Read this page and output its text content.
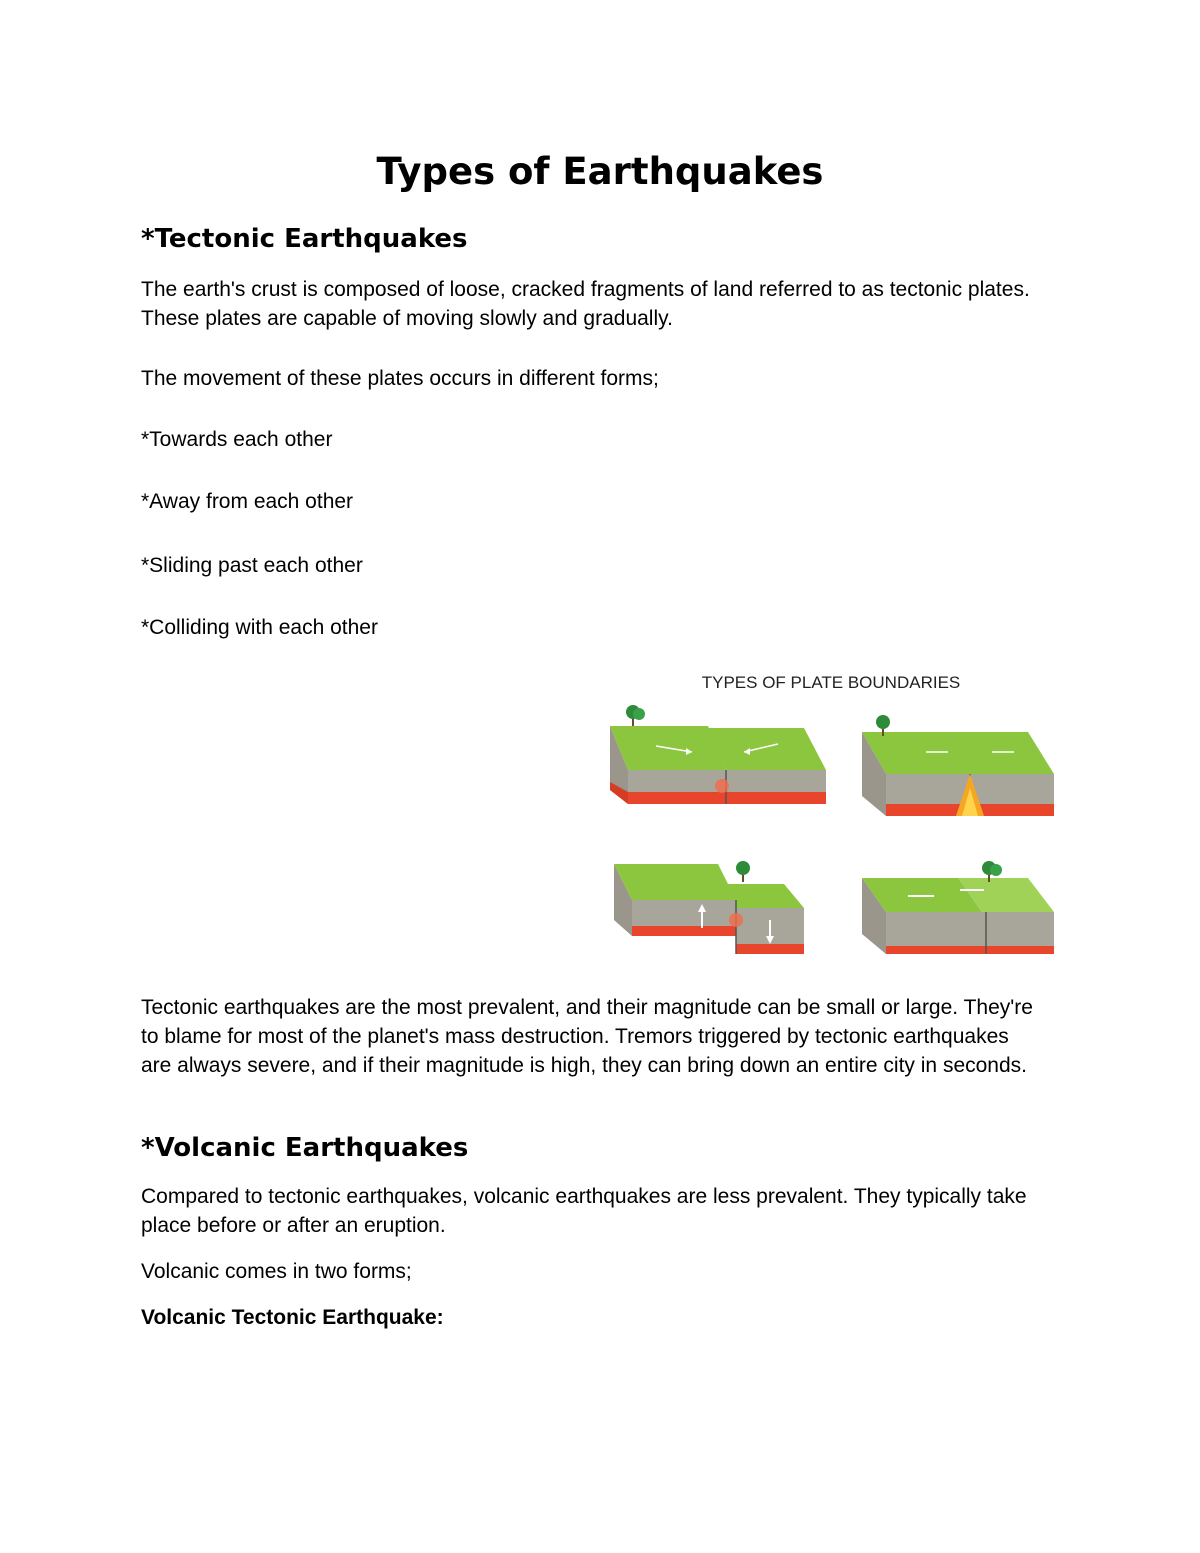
Types of Earthquakes
*Tectonic Earthquakes

The earth's crust is composed of loose, cracked fragments of land referred to as tectonic plates. These plates are capable of moving slowly and gradually.

The movement of these plates occurs in different forms;

*Towards each other

*Away from each other

*Sliding past each other

*Colliding with each other

TYPES OF PLATE BOUNDARIES

Tectonic earthquakes are the most prevalent, and their magnitude can be small or large. They're to blame for most of the planet's mass destruction. Tremors triggered by tectonic earthquakes are always severe, and if their magnitude is high, they can bring down an entire city in seconds.

*Volcanic Earthquakes

Compared to tectonic earthquakes, volcanic earthquakes are less prevalent. They typically take place before or after an eruption.

Volcanic comes in two forms;

Volcanic Tectonic Earthquake:
